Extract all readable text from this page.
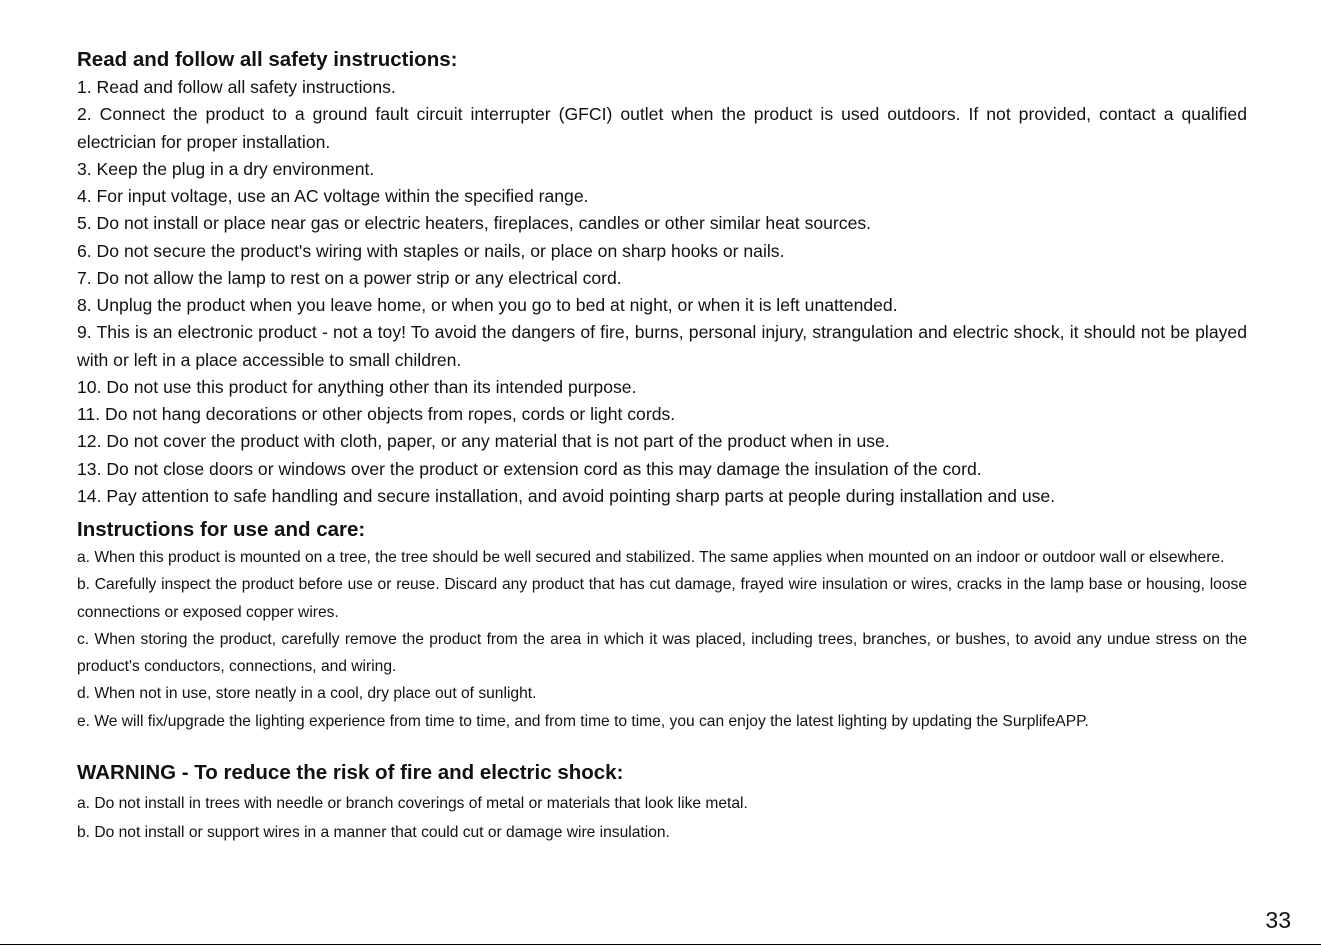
Read and follow all safety instructions:

1. Read and follow all safety instructions.

2. Connect the product to a ground fault circuit interrupter (GFCI) outlet when the product is used outdoors. If not provided, contact a qualified electrician for proper installation.

3. Keep the plug in a dry environment.

4. For input voltage, use an AC voltage within the specified range.

5. Do not install or place near gas or electric heaters, fireplaces, candles or other similar heat sources.

6. Do not secure the product's wiring with staples or nails, or place on sharp hooks or nails.

7. Do not allow the lamp to rest on a power strip or any electrical cord.

8. Unplug the product when you leave home, or when you go to bed at night, or when it is left unattended.

9. This is an electronic product - not a toy! To avoid the dangers of fire, burns, personal injury, strangulation and electric shock, it should not be played with or left in a place accessible to small children.

10. Do not use this product for anything other than its intended purpose.

11. Do not hang decorations or other objects from ropes, cords or light cords.

12. Do not cover the product with cloth, paper, or any material that is not part of the product when in use.

13. Do not close doors or windows over the product or extension cord as this may damage the insulation of the cord.

14. Pay attention to safe handling and secure installation, and avoid pointing sharp parts at people during installation and use.

Instructions for use and care:

a. When this product is mounted on a tree, the tree should be well secured and stabilized. The same applies when mounted on an indoor or outdoor wall or elsewhere.

b. Carefully inspect the product before use or reuse. Discard any product that has cut damage, frayed wire insulation or wires, cracks in the lamp base or housing, loose connections or exposed copper wires.

c. When storing the product, carefully remove the product from the area in which it was placed, including trees, branches, or bushes, to avoid any undue stress on the product's conductors, connections, and wiring.

d. When not in use, store neatly in a cool, dry place out of sunlight.

e. We will fix/upgrade the lighting experience from time to time, and from time to time, you can enjoy the latest lighting by updating the SurplifeAPP.

WARNING - To reduce the risk of fire and electric shock:

a. Do not install in trees with needle or branch coverings of metal or materials that look like metal.

b. Do not install or support wires in a manner that could cut or damage wire insulation.

33
